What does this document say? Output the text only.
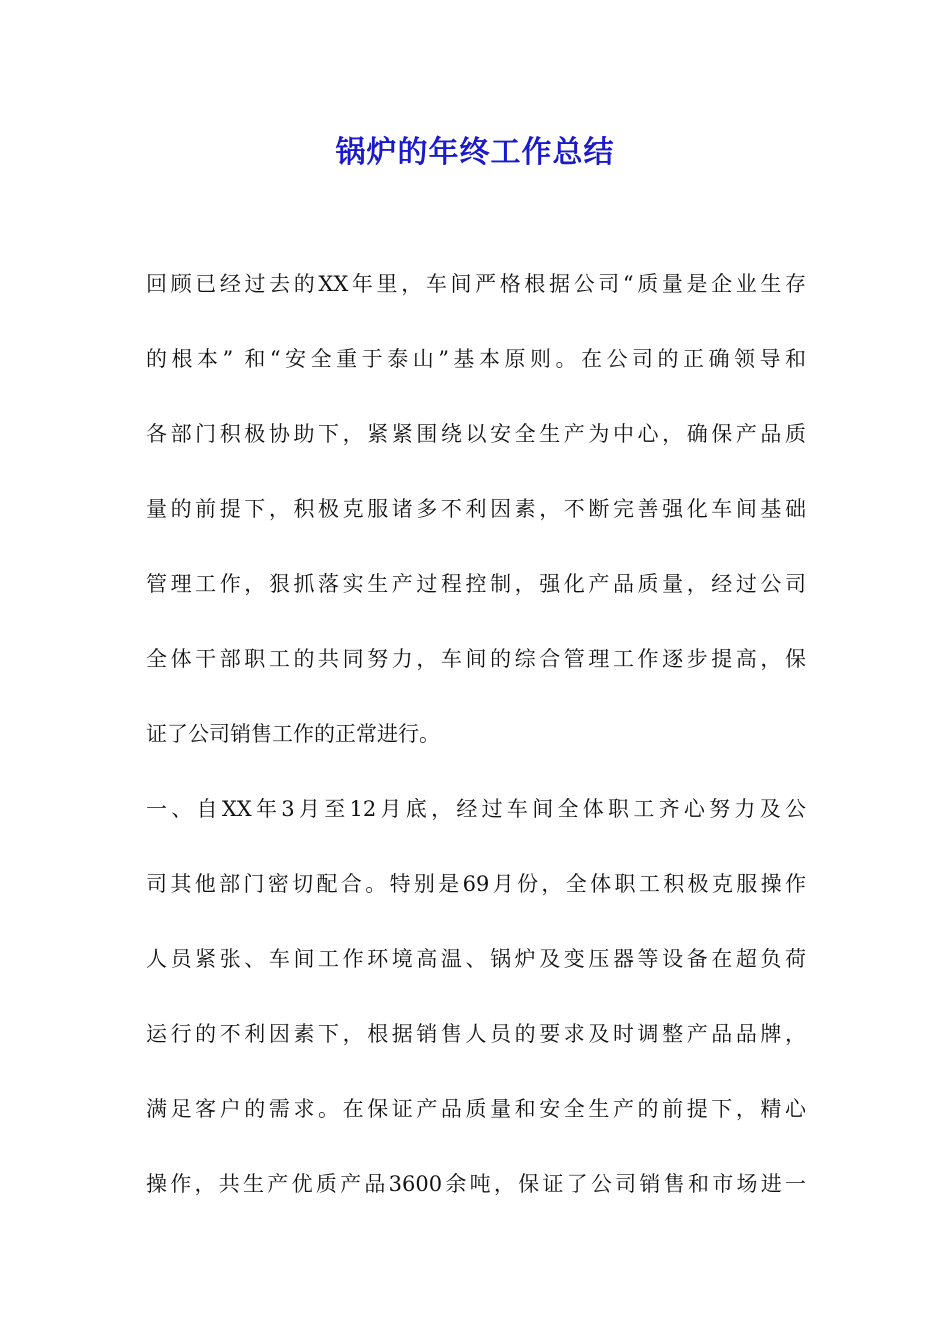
锅炉的年终工作总结
回顾已经过去的XX年里，车间严格根据公司“质量是企业生存
的根本” 和“安全重于泰山”基本原则。在公司的正确领导和
各部门积极协助下，紧紧围绕以安全生产为中心，确保产品质
量的前提下，积极克服诸多不利因素，不断完善强化车间基础
管理工作，狠抓落实生产过程控制，强化产品质量，经过公司
全体干部职工的共同努力，车间的综合管理工作逐步提高，保
证了公司销售工作的正常进行。
一、自XX年3月至12月底，经过车间全体职工齐心努力及公
司其他部门密切配合。特别是69月份，全体职工积极克服操作
人员紧张、车间工作环境高温、锅炉及变压器等设备在超负荷
运行的不利因素下，根据销售人员的要求及时调整产品品牌，
满足客户的需求。在保证产品质量和安全生产的前提下，精心
操作，共生产优质产品3600余吨，保证了公司销售和市场进一
